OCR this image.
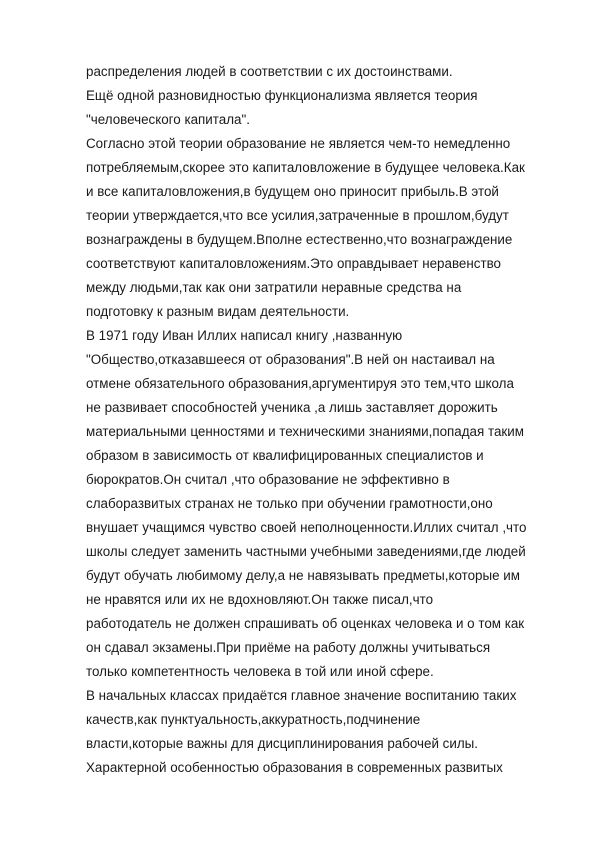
распределения людей в соответствии с их достоинствами.
Ещё одной разновидностью функционализма является теория
"человеческого капитала".
Согласно этой теории образование не является чем-то немедленно
потребляемым,скорее это капиталовложение в будущее человека.Как
и все капиталовложения,в будущем оно приносит прибыль.В этой
теории утверждается,что все усилия,затраченные в прошлом,будут
вознаграждены в будущем.Вполне естественно,что вознаграждениe
соответствуют капиталовложениям.Это оправдывает неравенство
между людьми,так как они затратили неравные средства на
подготовку к разным видам деятельности.
В 1971 году Иван Иллих написал книгу ,названную
"Общество,отказавшееся от образования".В ней он настаивал на
отмене обязательного образования,аргументируя это тем,что школа
не развивает способностей ученика ,а лишь заставляет дорожить
материальными ценностями и техническими знаниями,попадая таким
образом в зависимость от квалифицированных специалистов и
бюрократов.Он считал ,что образование не эффективно в
слаборазвитых странах не только при обучении грамотности,оно
внушает учащимся чувство своей неполноценности.Иллих считал ,что
школы следует заменить частными учебными заведениями,где людей
будут обучать любимому делу,а не навязывать предметы,которые им
не нравятся или их не вдохновляют.Он также писал,что
работодатель не должен спрашивать об оценках человека и о том как
он сдавал экзамены.При приёме на работу должны учитываться
только компетентность человека в той или иной сфере.
В начальных классах придаётся главное значение воспитанию таких
качеств,как пунктуальность,аккуратность,подчинение
власти,которые важны для дисциплинирования рабочей силы.
Характерной особенностью образования в современных развитых
